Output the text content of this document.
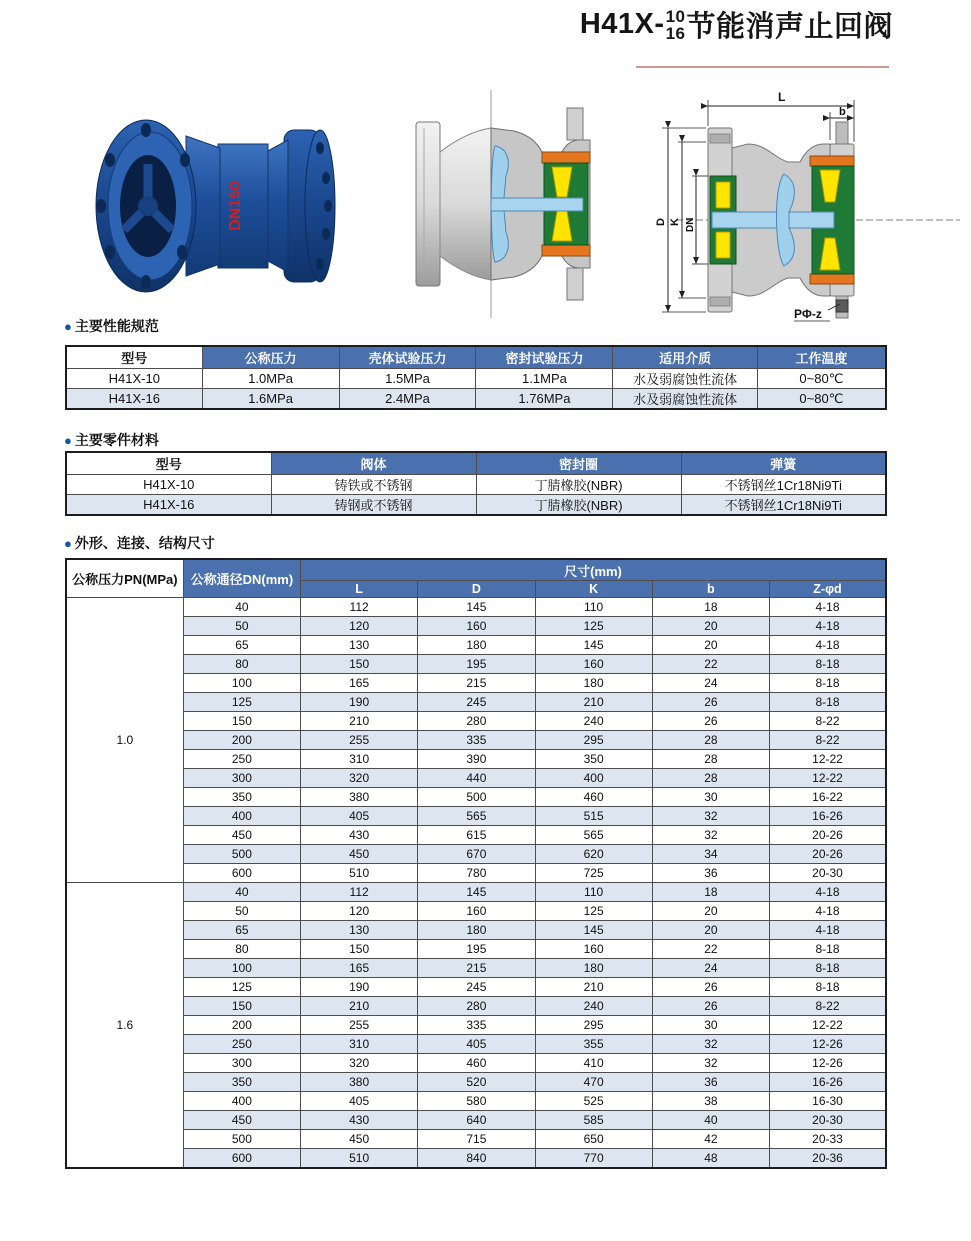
H41X- 10
16 节能消声止回阀
DN150
L
b
D K DN
PΦ-z
● 主要性能规范
型号	公称压力	壳体试验压力	密封试验压力	适用介质	工作温度
H41X-10	1.0MPa	1.5MPa	1.1MPa	水及弱腐蚀性流体	0~80℃
H41X-16	1.6MPa	2.4MPa	1.76MPa	水及弱腐蚀性流体	0~80℃
● 主要零件材料
型号	阀体	密封圈	弹簧
H41X-10	铸铁或不锈钢	丁腈橡胶(NBR)	不锈钢丝1Cr18Ni9Ti
H41X-16	铸钢或不锈钢	丁腈橡胶(NBR)	不锈钢丝1Cr18Ni9Ti
● 外形、连接、结构尺寸
公称压力PN(MPa)	公称通径DN(mm)	尺寸(mm)				
		L	D	K	b	Z-φd
1.0	40	112	145	110	18	4-18
	50	120	160	125	20	4-18
	65	130	180	145	20	4-18
	80	150	195	160	22	8-18
	100	165	215	180	24	8-18
	125	190	245	210	26	8-18
	150	210	280	240	26	8-22
	200	255	335	295	28	8-22
	250	310	390	350	28	12-22
	300	320	440	400	28	12-22
	350	380	500	460	30	16-22
	400	405	565	515	32	16-26
	450	430	615	565	32	20-26
	500	450	670	620	34	20-26
	600	510	780	725	36	20-30
1.6	40	112	145	110	18	4-18
	50	120	160	125	20	4-18
	65	130	180	145	20	4-18
	80	150	195	160	22	8-18
	100	165	215	180	24	8-18
	125	190	245	210	26	8-18
	150	210	280	240	26	8-22
	200	255	335	295	30	12-22
	250	310	405	355	32	12-26
	300	320	460	410	32	12-26
	350	380	520	470	36	16-26
	400	405	580	525	38	16-30
	450	430	640	585	40	20-30
	500	450	715	650	42	20-33
	600	510	840	770	48	20-36
